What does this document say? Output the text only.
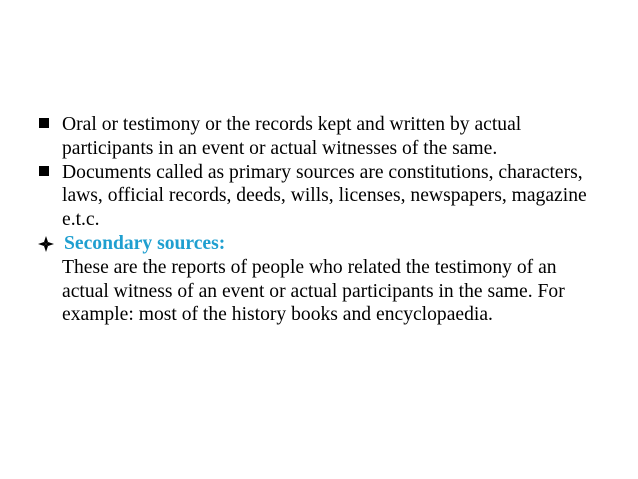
Oral or testimony or the records kept and written by actual participants in an event or actual witnesses of the same.
Documents called as primary sources are constitutions, characters, laws, official records, deeds, wills, licenses, newspapers, magazine e.t.c.
Secondary sources:

These are the reports of people who related the testimony of an actual witness of an event or actual participants in the same. For example: most of the history books and encyclopaedia.
